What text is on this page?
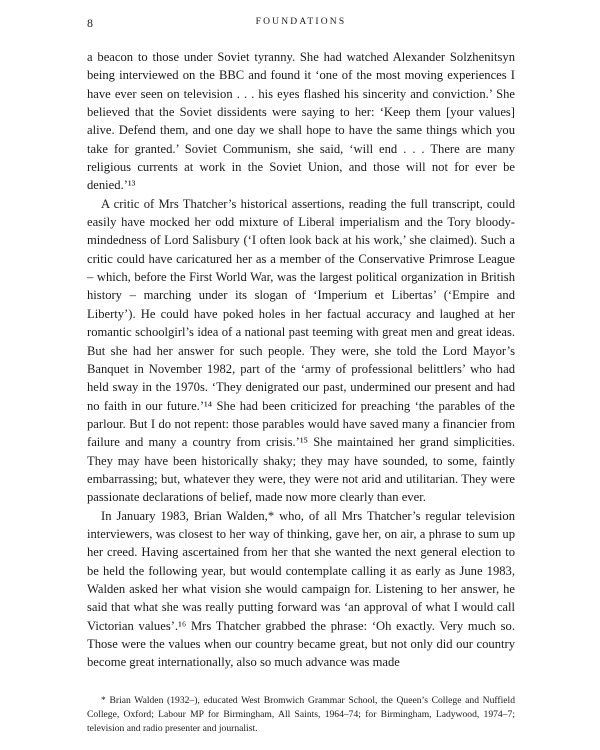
8	FOUNDATIONS

a beacon to those under Soviet tyranny. She had watched Alexander Solzhenitsyn being interviewed on the BBC and found it ‘one of the most moving experiences I have ever seen on television . . . his eyes flashed his sincerity and conviction.’ She believed that the Soviet dissidents were saying to her: ‘Keep them [your values] alive. Defend them, and one day we shall hope to have the same things which you take for granted.’ Soviet Communism, she said, ‘will end . . . There are many religious currents at work in the Soviet Union, and those will not for ever be denied.’¹³

A critic of Mrs Thatcher’s historical assertions, reading the full transcript, could easily have mocked her odd mixture of Liberal imperialism and the Tory bloody-mindedness of Lord Salisbury (‘I often look back at his work,’ she claimed). Such a critic could have caricatured her as a member of the Conservative Primrose League – which, before the First World War, was the largest political organization in British history – marching under its slogan of ‘Imperium et Libertas’ (‘Empire and Liberty’). He could have poked holes in her factual accuracy and laughed at her romantic schoolgirl’s idea of a national past teeming with great men and great ideas. But she had her answer for such people. They were, she told the Lord Mayor’s Banquet in November 1982, part of the ‘army of professional belittlers’ who had held sway in the 1970s. ‘They denigrated our past, undermined our present and had no faith in our future.’¹⁴ She had been criticized for preaching ‘the parables of the parlour. But I do not repent: those parables would have saved many a financier from failure and many a country from crisis.’¹⁵ She maintained her grand simplicities. They may have been historically shaky; they may have sounded, to some, faintly embarrassing; but, whatever they were, they were not arid and utilitarian. They were passionate declarations of belief, made now more clearly than ever.

In January 1983, Brian Walden,* who, of all Mrs Thatcher’s regular television interviewers, was closest to her way of thinking, gave her, on air, a phrase to sum up her creed. Having ascertained from her that she wanted the next general election to be held the following year, but would contemplate calling it as early as June 1983, Walden asked her what vision she would campaign for. Listening to her answer, he said that what she was really putting forward was ‘an approval of what I would call Victorian values’.¹⁶ Mrs Thatcher grabbed the phrase: ‘Oh exactly. Very much so. Those were the values when our country became great, but not only did our country become great internationally, also so much advance was made

* Brian Walden (1932–), educated West Bromwich Grammar School, the Queen’s College and Nuffield College, Oxford; Labour MP for Birmingham, All Saints, 1964–74; for Birmingham, Ladywood, 1974–7; television and radio presenter and journalist.
